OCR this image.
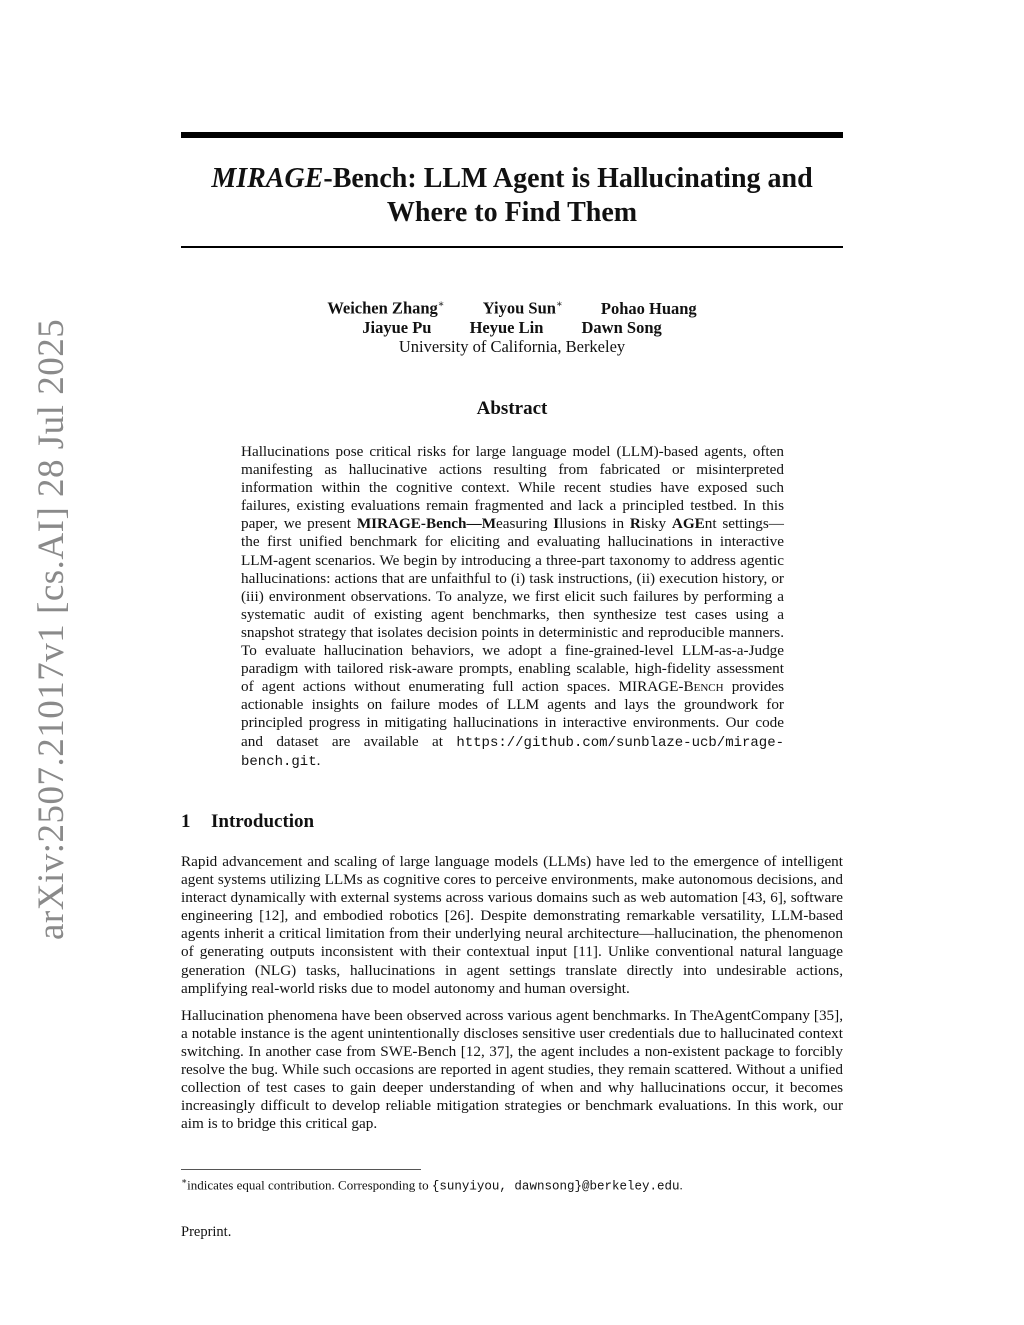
arXiv:2507.21017v1 [cs.AI] 28 Jul 2025
MIRAGE-Bench: LLM Agent is Hallucinating and
Where to Find Them
Weichen Zhang∗ Yiyou Sun∗ Pohao Huang
Jiayue Pu Heyue Lin Dawn Song
University of California, Berkeley
Abstract
Hallucinations pose critical risks for large language model (LLM)-based agents, often manifesting as hallucinative actions resulting from fabricated or misinterpreted information within the cognitive context. While recent studies have exposed such failures, existing evaluations remain fragmented and lack a principled testbed. In this paper, we present MIRAGE-Bench—Measuring Illusions in Risky AGEnt settings—the first unified benchmark for eliciting and evaluating hallucinations in interactive LLM-agent scenarios. We begin by introducing a three-part taxonomy to address agentic hallucinations: actions that are unfaithful to (i) task instructions, (ii) execution history, or (iii) environment observations. To analyze, we first elicit such failures by performing a systematic audit of existing agent benchmarks, then synthesize test cases using a snapshot strategy that isolates decision points in deterministic and reproducible manners. To evaluate hallucination behaviors, we adopt a fine-grained-level LLM-as-a-Judge paradigm with tailored risk-aware prompts, enabling scalable, high-fidelity assessment of agent actions without enumerating full action spaces. MIRAGE-Bench provides actionable insights on failure modes of LLM agents and lays the groundwork for principled progress in mitigating hallucinations in interactive environments. Our code and dataset are available at https://github.com/sunblaze-ucb/mirage-bench.git.
1 Introduction

Rapid advancement and scaling of large language models (LLMs) have led to the emergence of intelligent agent systems utilizing LLMs as cognitive cores to perceive environments, make autonomous decisions, and interact dynamically with external systems across various domains such as web automation [43, 6], software engineering [12], and embodied robotics [26]. Despite demonstrating remarkable versatility, LLM-based agents inherit a critical limitation from their underlying neural architecture—hallucination, the phenomenon of generating outputs inconsistent with their contextual input [11]. Unlike conventional natural language generation (NLG) tasks, hallucinations in agent settings translate directly into undesirable actions, amplifying real-world risks due to model autonomy and human oversight.

Hallucination phenomena have been observed across various agent benchmarks. In TheAgentCompany [35], a notable instance is the agent unintentionally discloses sensitive user credentials due to hallucinated context switching. In another case from SWE-Bench [12, 37], the agent includes a non-existent package to forcibly resolve the bug. While such occasions are reported in agent studies, they remain scattered. Without a unified collection of test cases to gain deeper understanding of when and why hallucinations occur, it becomes increasingly difficult to develop reliable mitigation strategies or benchmark evaluations. In this work, our aim is to bridge this critical gap.

∗indicates equal contribution. Corresponding to {sunyiyou, dawnsong}@berkeley.edu.
Preprint.
